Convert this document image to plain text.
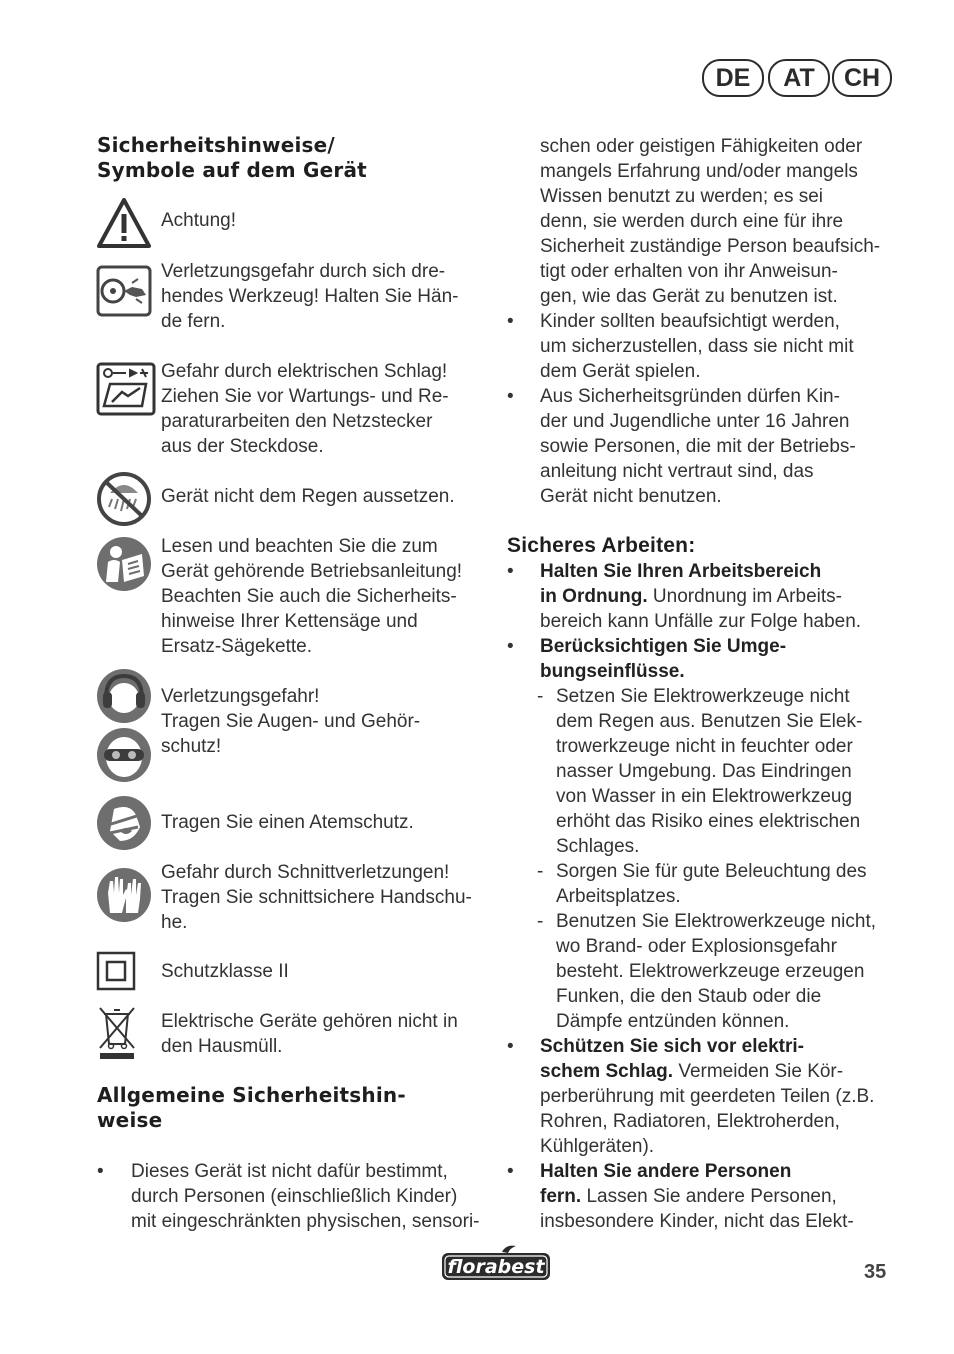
DE	AT	CH
Sicherheitshinweise/
Symbole auf dem Gerät
Achtung!
Verletzungsgefahr durch sich dre-
hendes Werkzeug! Halten Sie Hän-
de fern.
Gefahr durch elektrischen Schlag!
Ziehen Sie vor Wartungs- und Re-
paraturarbeiten den Netzstecker
aus der Steckdose.
Gerät nicht dem Regen aussetzen.
Lesen und beachten Sie die zum
Gerät gehörende Betriebsanleitung!
Beachten Sie auch die Sicherheits-
hinweise Ihrer Kettensäge und
Ersatz-Sägekette.
Verletzungsgefahr!
Tragen Sie Augen- und Gehör-
schutz!
Tragen Sie einen Atemschutz.
Gefahr durch Schnittverletzungen!
Tragen Sie schnittsichere Handschu-
he.
Schutzklasse II
Elektrische Geräte gehören nicht in
den Hausmüll.
Allgemeine Sicherheitshin-
weise
• Dieses Gerät ist nicht dafür bestimmt,
durch Personen (einschließlich Kinder)
mit eingeschränkten physischen, sensori-
schen oder geistigen Fähigkeiten oder
mangels Erfahrung und/oder mangels
Wissen benutzt zu werden; es sei
denn, sie werden durch eine für ihre
Sicherheit zuständige Person beaufsich-
tigt oder erhalten von ihr Anweisun-
gen, wie das Gerät zu benutzen ist.
• Kinder sollten beaufsichtigt werden,
um sicherzustellen, dass sie nicht mit
dem Gerät spielen.
• Aus Sicherheitsgründen dürfen Kin-
der und Jugendliche unter 16 Jahren
sowie Personen, die mit der Betriebs-
anleitung nicht vertraut sind, das
Gerät nicht benutzen.
Sicheres Arbeiten:
• Halten Sie Ihren Arbeitsbereich
in Ordnung. Unordnung im Arbeits-
bereich kann Unfälle zur Folge haben.
• Berücksichtigen Sie Umge-
bungseinflüsse.
- Setzen Sie Elektrowerkzeuge nicht
dem Regen aus. Benutzen Sie Elek-
trowerkzeuge nicht in feuchter oder
nasser Umgebung. Das Eindringen
von Wasser in ein Elektrowerkzeug
erhöht das Risiko eines elektrischen
Schlages.
- Sorgen Sie für gute Beleuchtung des
Arbeitsplatzes.
- Benutzen Sie Elektrowerkzeuge nicht,
wo Brand- oder Explosionsgefahr
besteht. Elektrowerkzeuge erzeugen
Funken, die den Staub oder die
Dämpfe entzünden können.
• Schützen Sie sich vor elektri-
schem Schlag. Vermeiden Sie Kör-
perberührung mit geerdeten Teilen (z.B.
Rohren, Radiatoren, Elektroherden,
Kühlgeräten).
• Halten Sie andere Personen
fern. Lassen Sie andere Personen,
insbesondere Kinder, nicht das Elekt-
florabest	35
